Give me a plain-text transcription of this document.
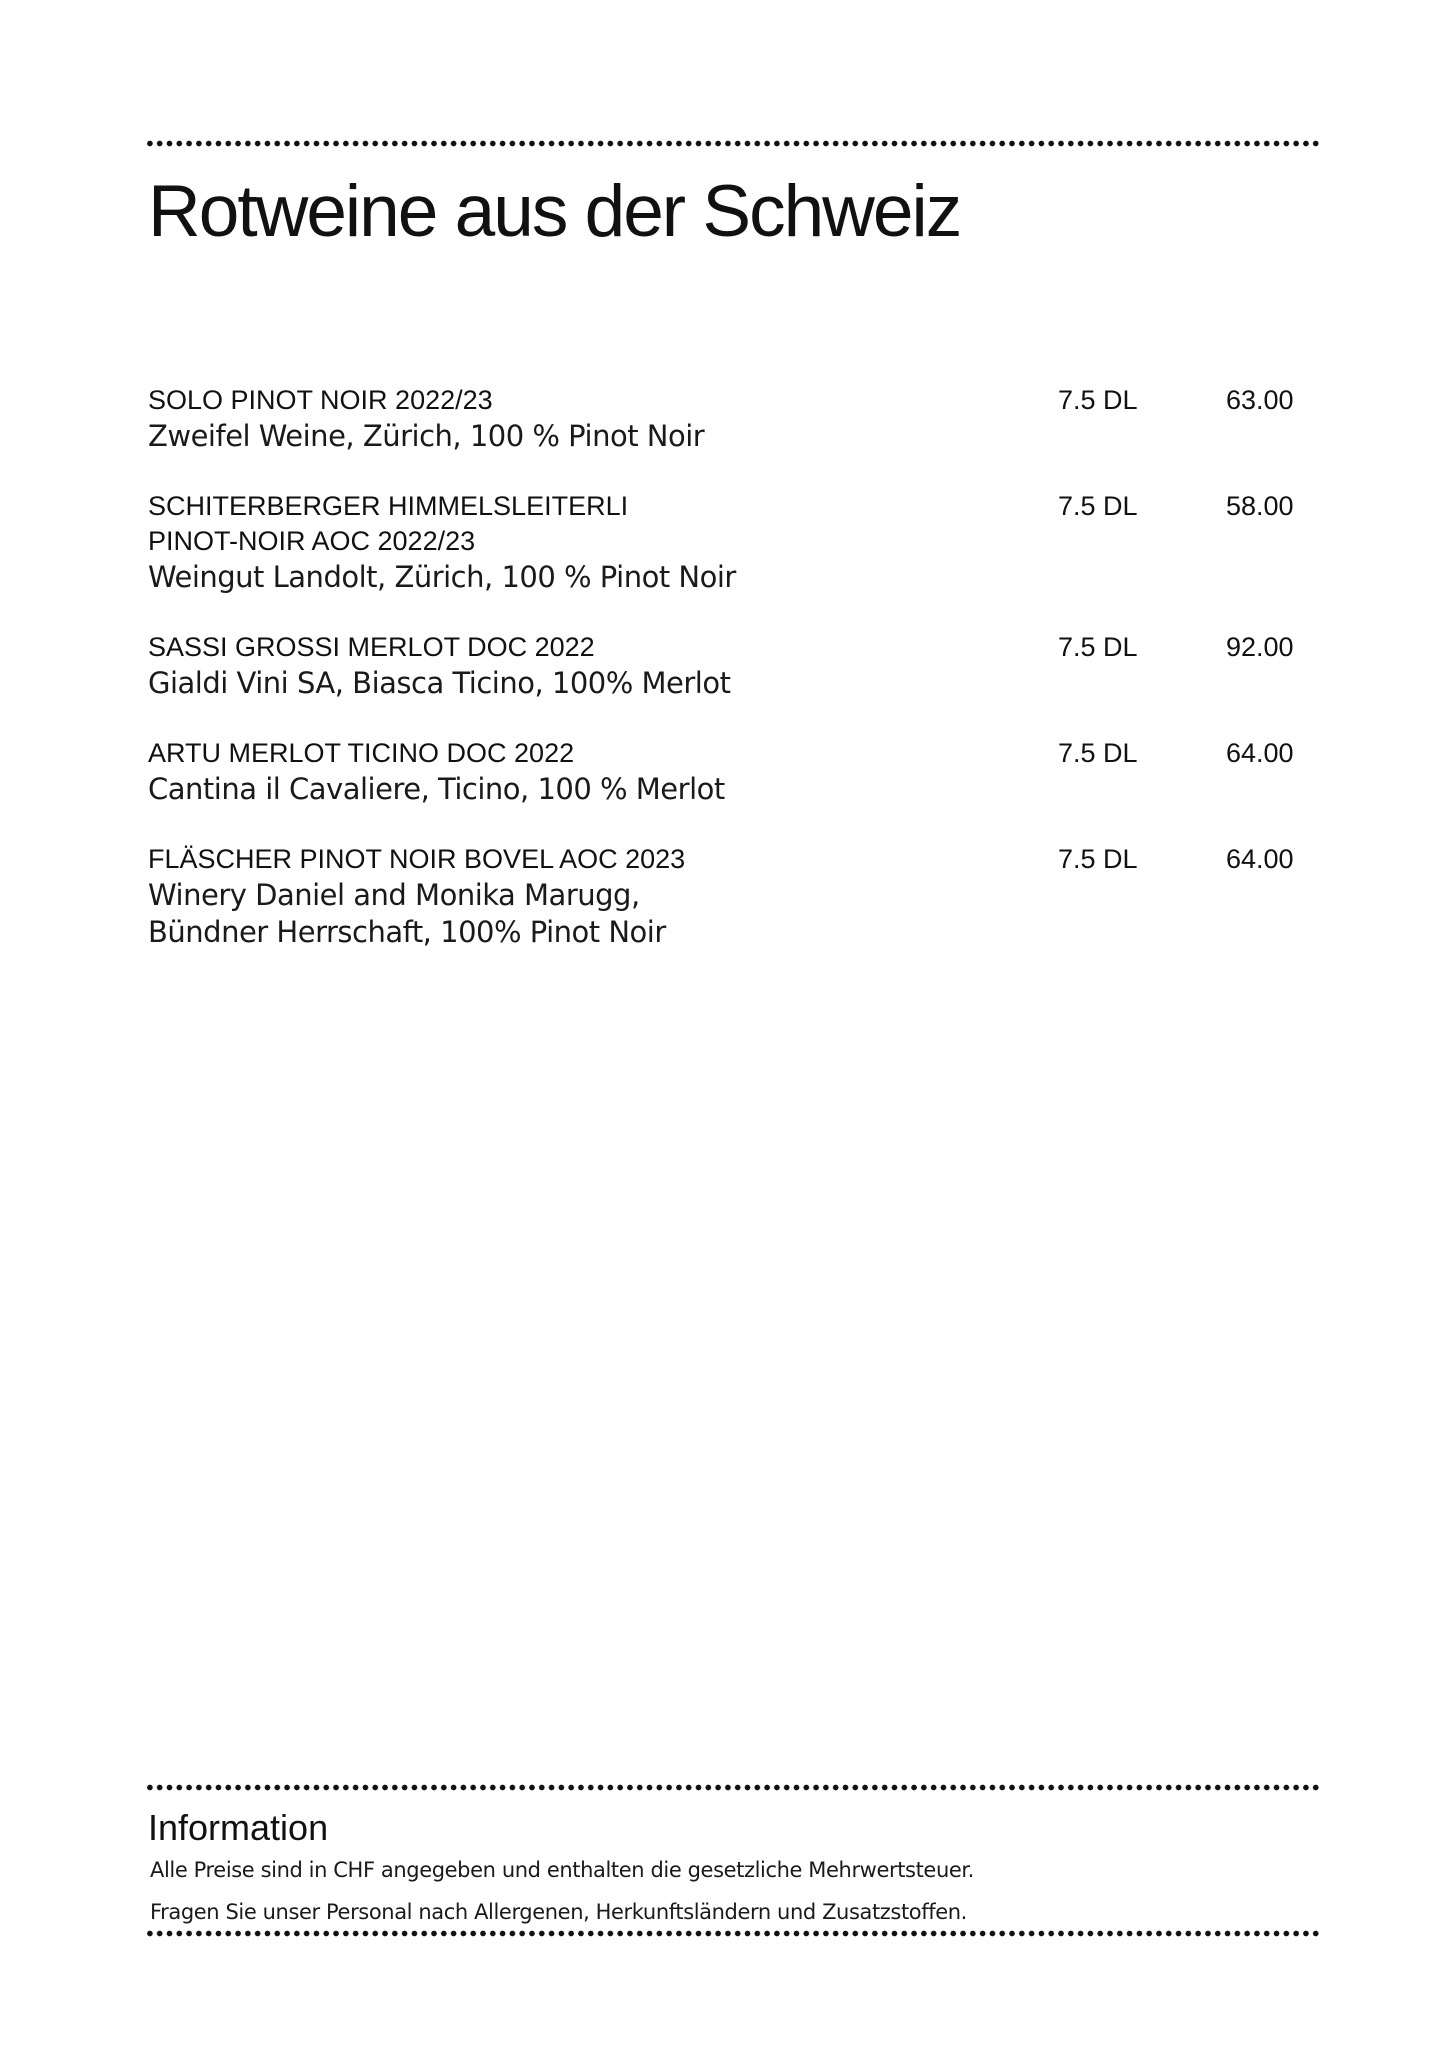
Rotweine aus der Schweiz
SOLO PINOT NOIR 2022/23
Zweifel Weine, Zürich, 100 % Pinot Noir
7.5 DL	63.00
SCHITERBERGER HIMMELSLEITERLI
PINOT-NOIR AOC 2022/23
Weingut Landolt, Zürich, 100 % Pinot Noir
7.5 DL	58.00
SASSI GROSSI MERLOT DOC 2022
Gialdi Vini SA, Biasca Ticino, 100% Merlot
7.5 DL	92.00
ARTU MERLOT TICINO DOC 2022
Cantina il Cavaliere, Ticino, 100 % Merlot
7.5 DL	64.00
FLÄSCHER PINOT NOIR BOVEL AOC 2023
Winery Daniel and Monika Marugg,
Bündner Herrschaft, 100% Pinot Noir
7.5 DL	64.00
Information
Alle Preise sind in CHF angegeben und enthalten die gesetzliche Mehrwertsteuer.
Fragen Sie unser Personal nach Allergenen, Herkunftsländern und Zusatzstoffen.
